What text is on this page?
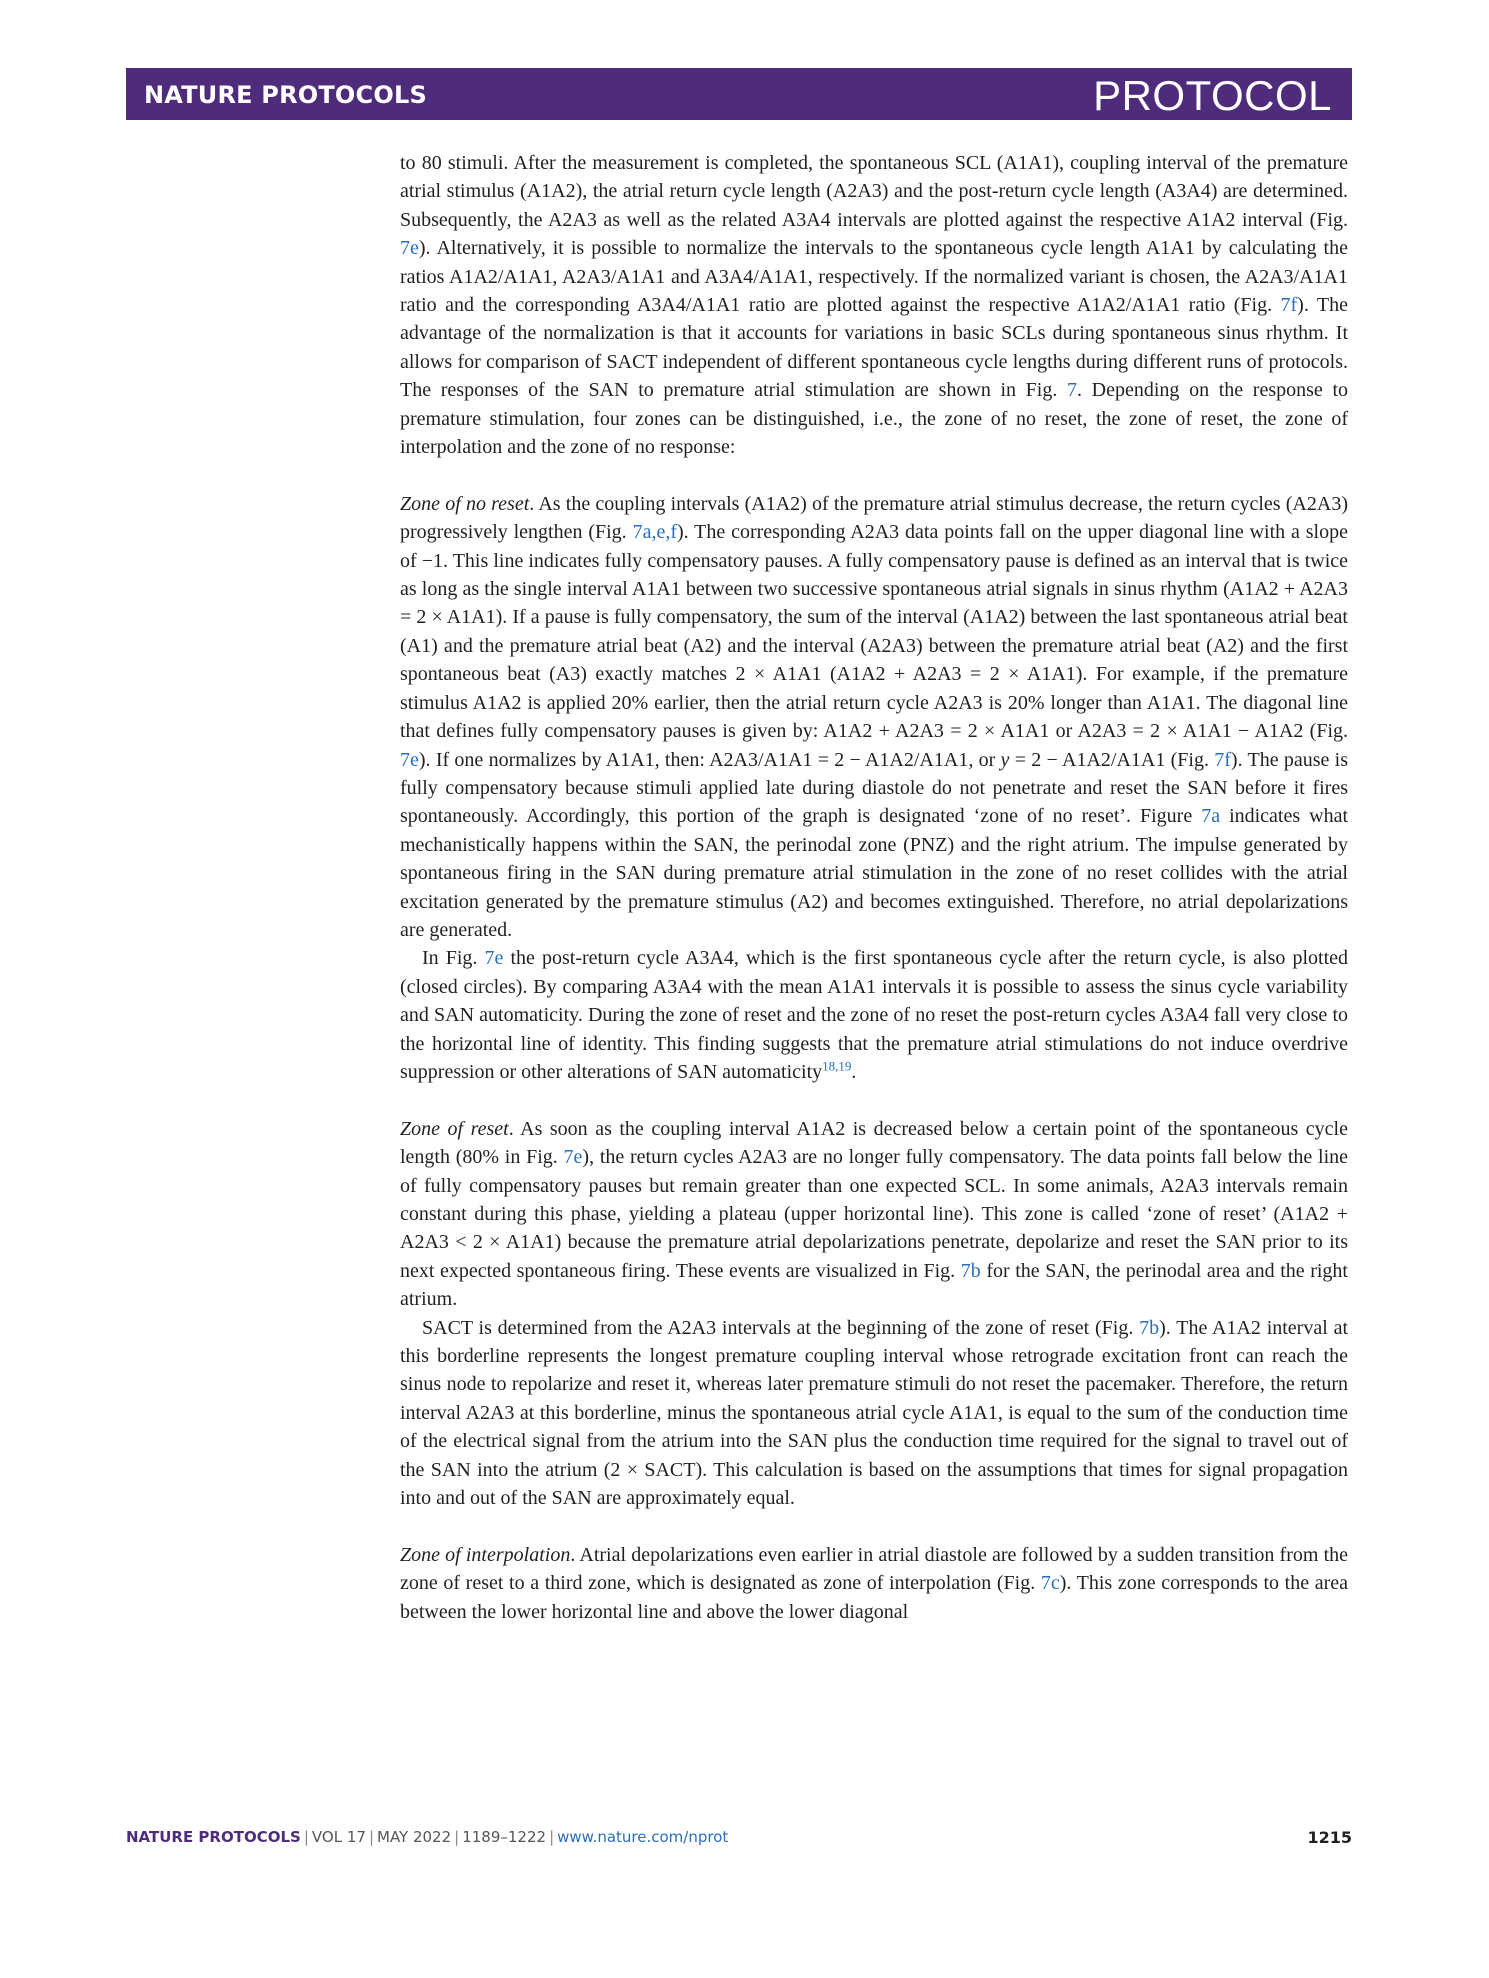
NATURE PROTOCOLS	PROTOCOL

to 80 stimuli. After the measurement is completed, the spontaneous SCL (A1A1), coupling interval of the premature atrial stimulus (A1A2), the atrial return cycle length (A2A3) and the post-return cycle length (A3A4) are determined. Subsequently, the A2A3 as well as the related A3A4 intervals are plotted against the respective A1A2 interval (Fig. 7e). Alternatively, it is possible to normalize the intervals to the spontaneous cycle length A1A1 by calculating the ratios A1A2/A1A1, A2A3/A1A1 and A3A4/A1A1, respectively. If the normalized variant is chosen, the A2A3/A1A1 ratio and the corresponding A3A4/A1A1 ratio are plotted against the respective A1A2/A1A1 ratio (Fig. 7f). The advantage of the normalization is that it accounts for variations in basic SCLs during spontaneous sinus rhythm. It allows for comparison of SACT independent of different spontaneous cycle lengths during different runs of protocols. The responses of the SAN to premature atrial stimulation are shown in Fig. 7. Depending on the response to premature stimulation, four zones can be distinguished, i.e., the zone of no reset, the zone of reset, the zone of interpolation and the zone of no response:

Zone of no reset. As the coupling intervals (A1A2) of the premature atrial stimulus decrease, the return cycles (A2A3) progressively lengthen (Fig. 7a,e,f). The corresponding A2A3 data points fall on the upper diagonal line with a slope of −1. This line indicates fully compensatory pauses. A fully compensatory pause is defined as an interval that is twice as long as the single interval A1A1 between two successive spontaneous atrial signals in sinus rhythm (A1A2 + A2A3 = 2 × A1A1). If a pause is fully compensatory, the sum of the interval (A1A2) between the last spontaneous atrial beat (A1) and the premature atrial beat (A2) and the interval (A2A3) between the premature atrial beat (A2) and the first spontaneous beat (A3) exactly matches 2 × A1A1 (A1A2 + A2A3 = 2 × A1A1). For example, if the premature stimulus A1A2 is applied 20% earlier, then the atrial return cycle A2A3 is 20% longer than A1A1. The diagonal line that defines fully compensatory pauses is given by: A1A2 + A2A3 = 2 × A1A1 or A2A3 = 2 × A1A1 − A1A2 (Fig. 7e). If one normalizes by A1A1, then: A2A3/A1A1 = 2 − A1A2/A1A1, or y = 2 − A1A2/A1A1 (Fig. 7f). The pause is fully compensatory because stimuli applied late during diastole do not penetrate and reset the SAN before it fires spontaneously. Accordingly, this portion of the graph is designated ‘zone of no reset’. Figure 7a indicates what mechanistically happens within the SAN, the perinodal zone (PNZ) and the right atrium. The impulse generated by spontaneous firing in the SAN during premature atrial stimulation in the zone of no reset collides with the atrial excitation generated by the premature stimulus (A2) and becomes extinguished. Therefore, no atrial depolarizations are generated.

In Fig. 7e the post-return cycle A3A4, which is the first spontaneous cycle after the return cycle, is also plotted (closed circles). By comparing A3A4 with the mean A1A1 intervals it is possible to assess the sinus cycle variability and SAN automaticity. During the zone of reset and the zone of no reset the post-return cycles A3A4 fall very close to the horizontal line of identity. This finding suggests that the premature atrial stimulations do not induce overdrive suppression or other alterations of SAN automaticity$^{18,19}$.

Zone of reset. As soon as the coupling interval A1A2 is decreased below a certain point of the spontaneous cycle length (80% in Fig. 7e), the return cycles A2A3 are no longer fully compensatory. The data points fall below the line of fully compensatory pauses but remain greater than one expected SCL. In some animals, A2A3 intervals remain constant during this phase, yielding a plateau (upper horizontal line). This zone is called ‘zone of reset’ (A1A2 + A2A3 < 2 × A1A1) because the premature atrial depolarizations penetrate, depolarize and reset the SAN prior to its next expected spontaneous firing. These events are visualized in Fig. 7b for the SAN, the perinodal area and the right atrium.

SACT is determined from the A2A3 intervals at the beginning of the zone of reset (Fig. 7b). The A1A2 interval at this borderline represents the longest premature coupling interval whose retrograde excitation front can reach the sinus node to repolarize and reset it, whereas later premature stimuli do not reset the pacemaker. Therefore, the return interval A2A3 at this borderline, minus the spontaneous atrial cycle A1A1, is equal to the sum of the conduction time of the electrical signal from the atrium into the SAN plus the conduction time required for the signal to travel out of the SAN into the atrium (2 × SACT). This calculation is based on the assumptions that times for signal propagation into and out of the SAN are approximately equal.

Zone of interpolation. Atrial depolarizations even earlier in atrial diastole are followed by a sudden transition from the zone of reset to a third zone, which is designated as zone of interpolation (Fig. 7c). This zone corresponds to the area between the lower horizontal line and above the lower diagonal

NATURE PROTOCOLS | VOL 17 | MAY 2022 | 1189–1222 | www.nature.com/nprot	1215
